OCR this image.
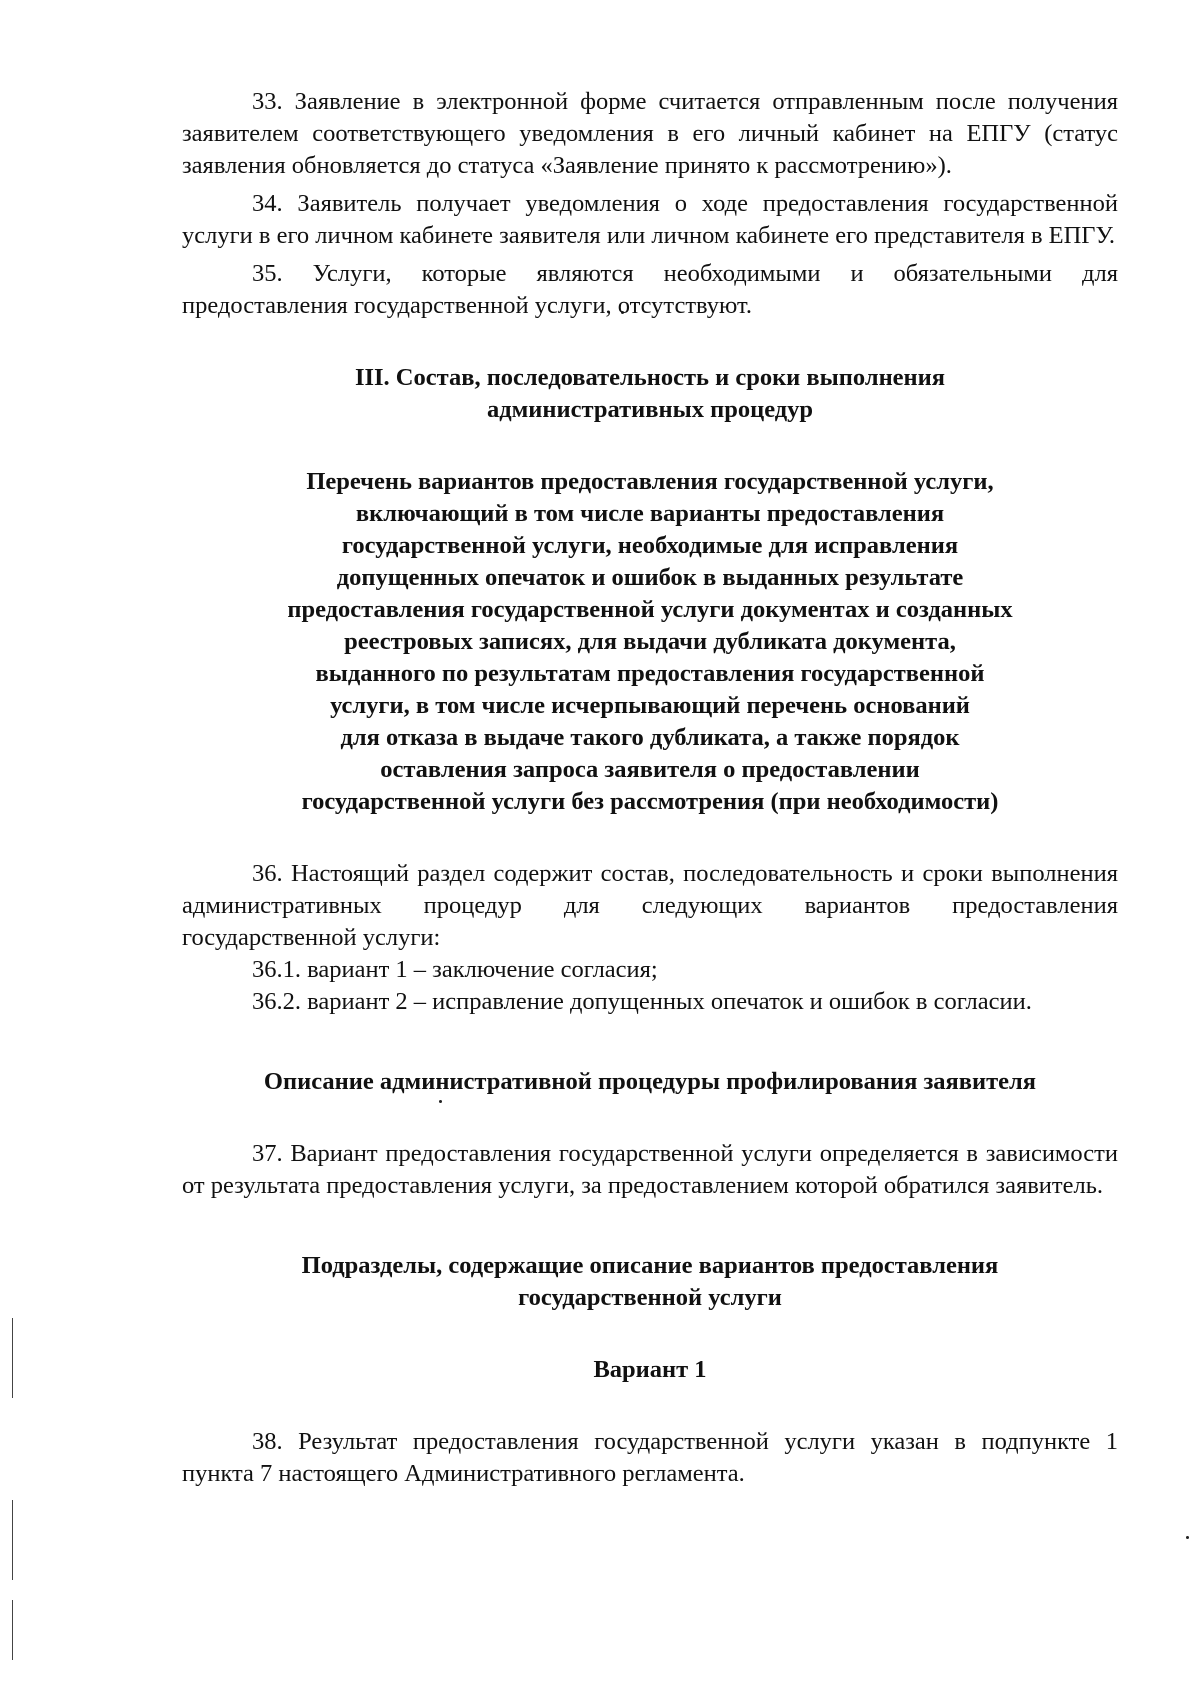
33. Заявление в электронной форме считается отправленным после получения заявителем соответствующего уведомления в его личный кабинет на ЕПГУ (статус заявления обновляется до статуса «Заявление принято к рассмотрению»).

34. Заявитель получает уведомления о ходе предоставления государственной услуги в его личном кабинете заявителя или личном кабинете его представителя в ЕПГУ.

35. Услуги, которые являются необходимыми и обязательными для предоставления государственной услуги, отсутствуют.

III. Состав, последовательность и сроки выполнения
административных процедур
Перечень вариантов предоставления государственной услуги,
включающий в том числе варианты предоставления
государственной услуги, необходимые для исправления
допущенных опечаток и ошибок в выданных результате
предоставления государственной услуги документах и созданных
реестровых записях, для выдачи дубликата документа,
выданного по результатам предоставления государственной
услуги, в том числе исчерпывающий перечень оснований
для отказа в выдаче такого дубликата, а также порядок
оставления запроса заявителя о предоставлении
государственной услуги без рассмотрения (при необходимости)

36. Настоящий раздел содержит состав, последовательность и сроки выполнения административных процедур для следующих вариантов предоставления государственной услуги:

36.1. вариант 1 – заключение согласия;

36.2. вариант 2 – исправление допущенных опечаток и ошибок в согласии.

Описание административной процедуры профилирования заявителя

37. Вариант предоставления государственной услуги определяется в зависимости от результата предоставления услуги, за предоставлением которой обратился заявитель.

Подразделы, содержащие описание вариантов предоставления
государственной услуги
Вариант 1

38. Результат предоставления государственной услуги указан в подпункте 1 пункта 7 настоящего Административного регламента.
